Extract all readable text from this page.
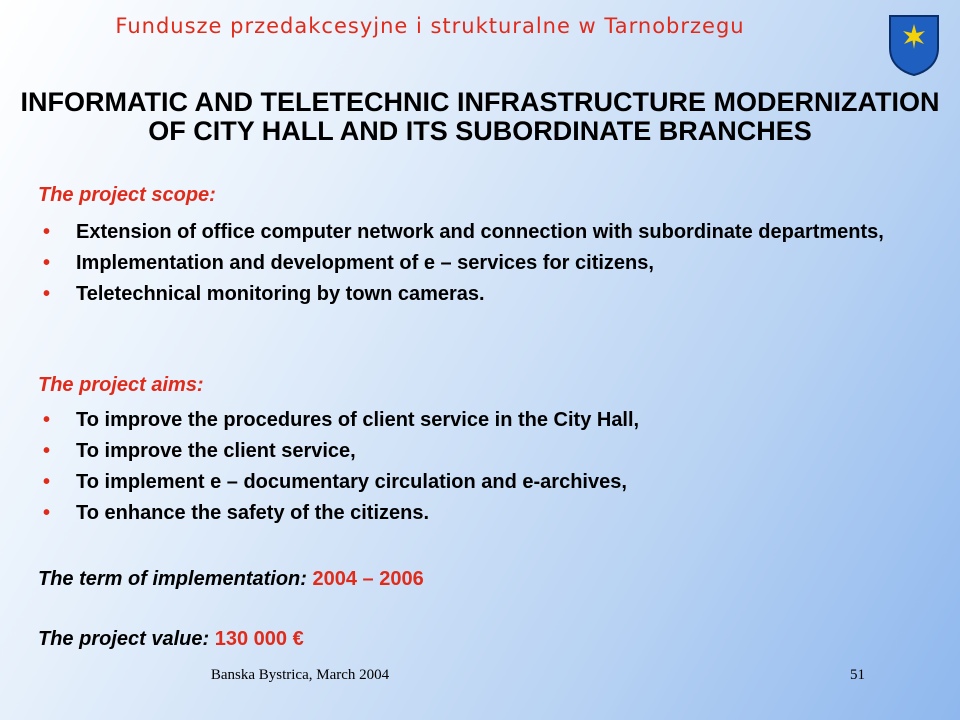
Fundusze przedakcesyjne i strukturalne w Tarnobrzegu
INFORMATIC AND TELETECHNIC INFRASTRUCTURE MODERNIZATION OF CITY HALL AND ITS SUBORDINATE BRANCHES
The project scope:
• Extension of office computer network and connection with subordinate departments,
• Implementation and development of e – services for citizens,
• Teletechnical monitoring by town cameras.
The project aims:
• To improve the procedures of client service in the City Hall,
• To improve the client service,
• To implement e – documentary circulation and e-archives,
• To enhance the safety of the citizens.
The term of implementation: 2004 – 2006
The project value: 130 000 €
Banska Bystrica, March 2004	51
